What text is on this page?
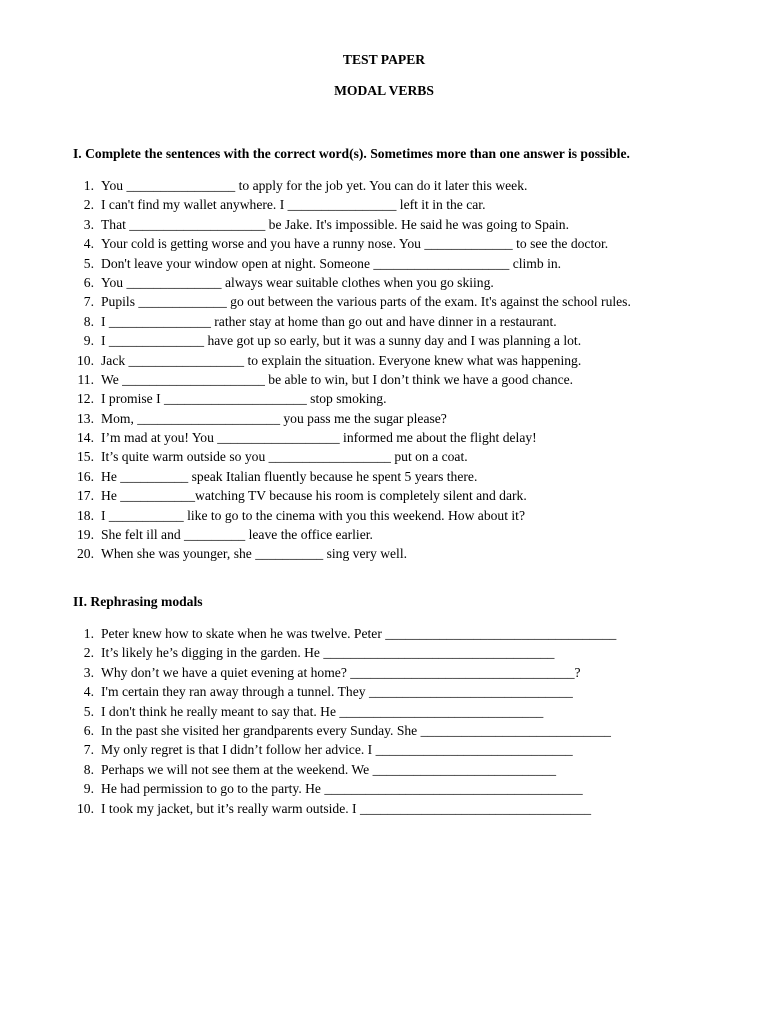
TEST PAPER
MODAL VERBS
I. Complete the sentences with the correct word(s). Sometimes more than one answer is possible.
1. You ________________ to apply for the job yet. You can do it later this week.
2. I can't find my wallet anywhere. I ________________ left it in the car.
3. That ____________________ be Jake. It's impossible. He said he was going to Spain.
4. Your cold is getting worse and you have a runny nose. You _____________ to see the doctor.
5. Don't leave your window open at night. Someone ____________________ climb in.
6. You ______________ always wear suitable clothes when you go skiing.
7. Pupils _____________ go out between the various parts of the exam. It's against the school rules.
8. I _______________ rather stay at home than go out and have dinner in a restaurant.
9. I ______________ have got up so early, but it was a sunny day and I was planning a lot.
10. Jack _________________ to explain the situation. Everyone knew what was happening.
11. We _____________________ be able to win, but I don’t think we have a good chance.
12. I promise I _____________________ stop smoking.
13. Mom, _____________________ you pass me the sugar please?
14. I’m mad at you! You __________________ informed me about the flight delay!
15. It’s quite warm outside so you __________________ put on a coat.
16. He __________ speak Italian fluently because he spent 5 years there.
17. He ___________watching TV because his room is completely silent and dark.
18. I ___________ like to go to the cinema with you this weekend. How about it?
19. She felt ill and _________ leave the office earlier.
20. When she was younger, she __________ sing very well.
II. Rephrasing modals
1. Peter knew how to skate when he was twelve. Peter __________________________________
2. It’s likely he’s digging in the garden. He __________________________________
3. Why don’t we have a quiet evening at home? _________________________________?
4. I'm certain they ran away through a tunnel. They ______________________________
5. I don't think he really meant to say that. He ______________________________
6. In the past she visited her grandparents every Sunday. She ____________________________
7. My only regret is that I didn’t follow her advice. I _____________________________
8. Perhaps we will not see them at the weekend. We ___________________________
9. He had permission to go to the party. He ______________________________________
10. I took my jacket, but it’s really warm outside. I __________________________________
